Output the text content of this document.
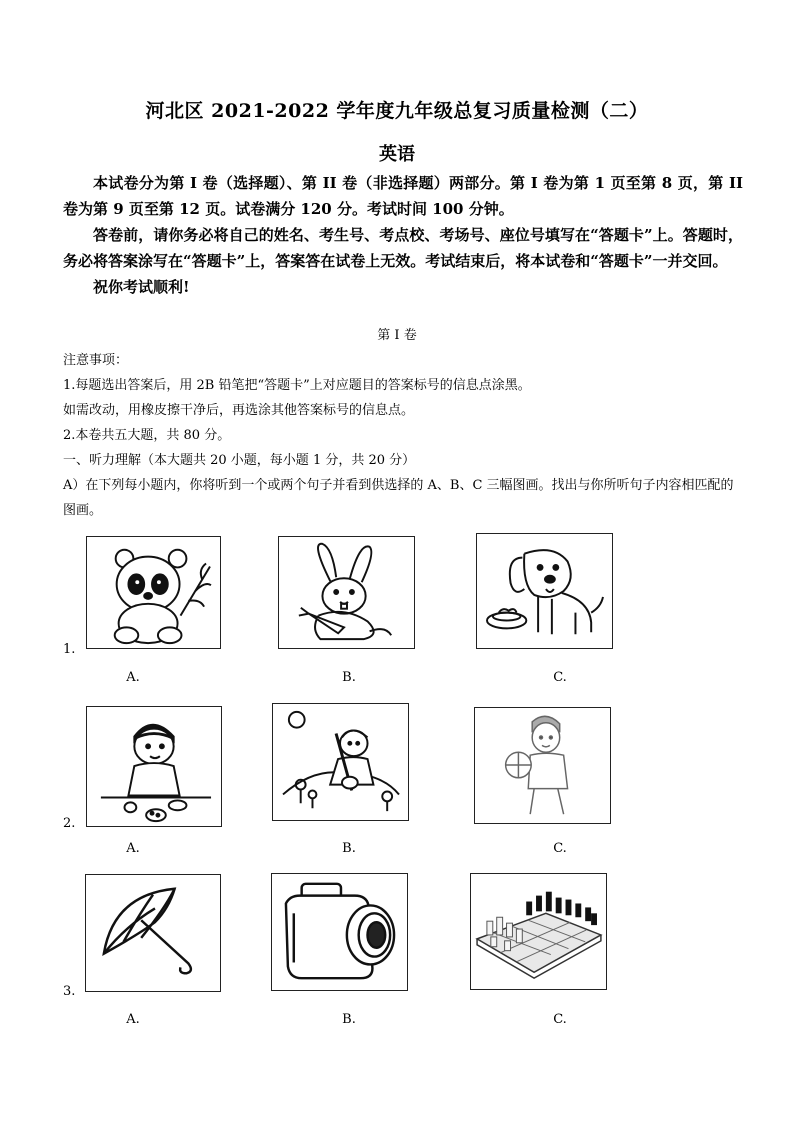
河北区 2021-2022 学年度九年级总复习质量检测（二）
英语

本试卷分为第 I 卷（选择题）、第 II 卷（非选择题）两部分。第 I 卷为第 1 页至第 8 页，第 II 卷为第 9 页至第 12 页。试卷满分 120 分。考试时间 100 分钟。

答卷前，请你务必将自己的姓名、考生号、考点校、考场号、座位号填写在“答题卡”上。答题时，务必将答案涂写在“答题卡”上，答案答在试卷上无效。考试结束后，将本试卷和“答题卡”一并交回。

祝你考试顺利!

第 I 卷

注意事项：

1.每题选出答案后，用 2B 铅笔把“答题卡”上对应题目的答案标号的信息点涂黑。

如需改动，用橡皮擦干净后，再选涂其他答案标号的信息点。

2.本卷共五大题，共 80 分。

一、听力理解（本大题共 20 小题，每小题 1 分，共 20 分）

A）在下列每小题内，你将听到一个或两个句子并看到供选择的 A、B、C 三幅图画。找出与你所听句子内容相匹配的图画。

1.
A.	B.	C.
2.
A.	B.	C.
3.
A.	B.	C.
